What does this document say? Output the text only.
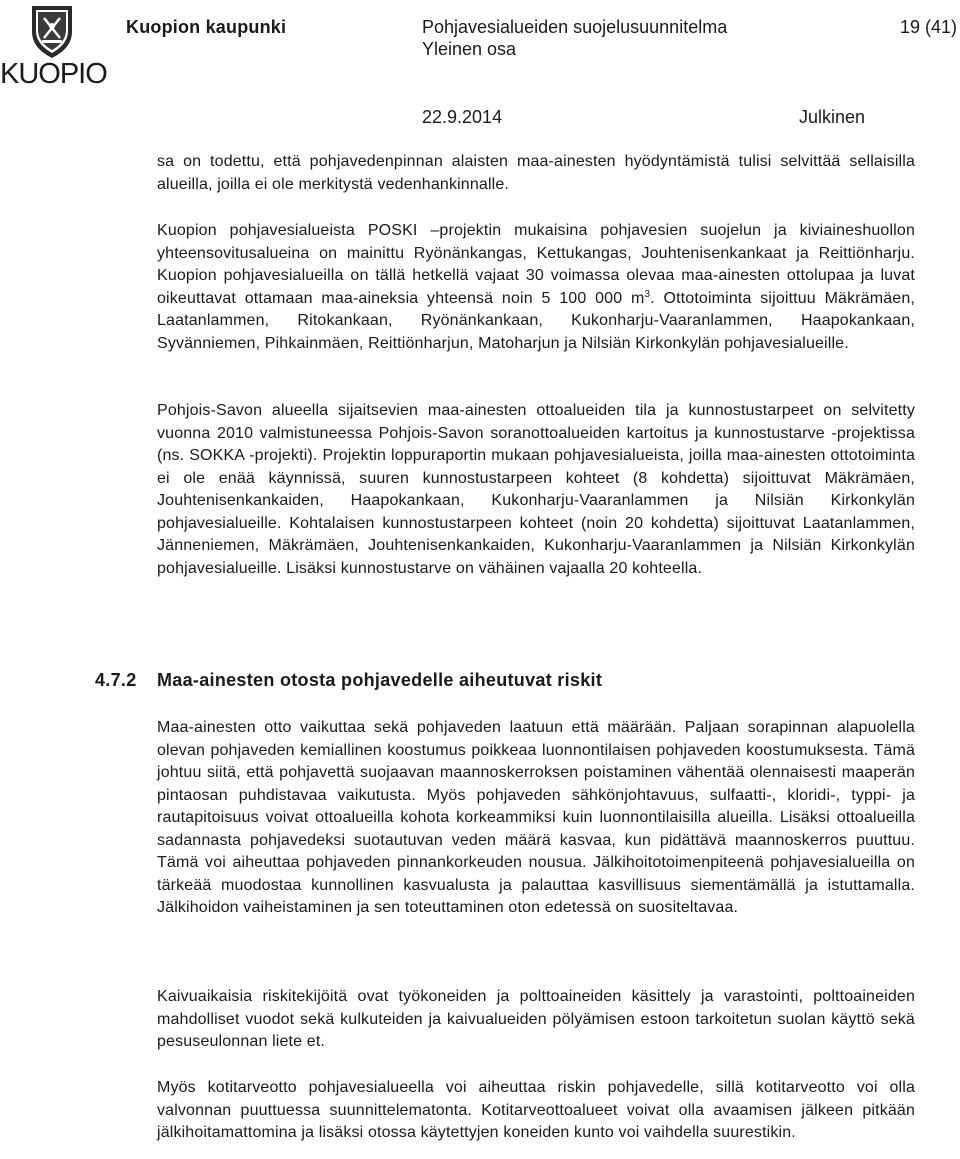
KUOPIO
Kuopion kaupunki	Pohjavesialueiden suojelusuunnitelma
Yleinen osa
19 (41)
22.9.2014	Julkinen
sa on todettu, että pohjavedenpinnan alaisten maa-ainesten hyödyntämistä tulisi selvittää sellaisilla alueilla, joilla ei ole merkitystä vedenhankinnalle.
Kuopion pohjavesialueista POSKI –projektin mukaisina pohjavesien suojelun ja kiviaineshuollon yhteensovitusalueina on mainittu Ryönänkangas, Kettukangas, Jouhtenisenkankaat ja Reittiönharju. Kuopion pohjavesialueilla on tällä hetkellä vajaat 30 voimassa olevaa maa-ainesten ottolupaa ja luvat oikeuttavat ottamaan maa-aineksia yhteensä noin 5 100 000 $m^3$. Ottotoiminta sijoittuu Mäkrämäen, Laatanlammen, Ritokankaan, Ryönänkankaan, Kukonharju-Vaaranlammen, Haapokankaan, Syvänniemen, Pihkainmäen, Reittiönharjun, Matoharjun ja Nilsiän Kirkonkylän pohjavesialueille.
Pohjois-Savon alueella sijaitsevien maa-ainesten ottoalueiden tila ja kunnostustarpeet on selvitetty vuonna 2010 valmistuneessa Pohjois-Savon soranottoalueiden kartoitus ja kunnostustarve -projektissa (ns. SOKKA -projekti). Projektin loppuraportin mukaan pohjavesialueista, joilla maa-ainesten ottotoiminta ei ole enää käynnissä, suuren kunnostustarpeen kohteet (8 kohdetta) sijoittuvat Mäkrämäen, Jouhtenisenkankaiden, Haapokankaan, Kukonharju-Vaaranlammen ja Nilsiän Kirkonkylän pohjavesialueille. Kohtalaisen kunnostustarpeen kohteet (noin 20 kohdetta) sijoittuvat Laatanlammen, Jänneniemen, Mäkrämäen, Jouhtenisenkankaiden, Kukonharju-Vaaranlammen ja Nilsiän Kirkonkylän pohjavesialueille. Lisäksi kunnostustarve on vähäinen vajaalla 20 kohteella.
4.7.2 Maa-ainesten otosta pohjavedelle aiheutuvat riskit
Maa-ainesten otto vaikuttaa sekä pohjaveden laatuun että määrään. Paljaan sorapinnan alapuolella olevan pohjaveden kemiallinen koostumus poikkeaa luonnontilaisen pohjaveden koostumuksesta. Tämä johtuu siitä, että pohjavettä suojaavan maannoskerroksen poistaminen vähentää olennaisesti maaperän pintaosan puhdistavaa vaikutusta. Myös pohjaveden sähkönjohtavuus, sulfaatti-, kloridi-, typpi- ja rautapitoisuus voivat ottoalueilla kohota korkeammiksi kuin luonnontilaisilla alueilla. Lisäksi ottoalueilla sadannasta pohjavedeksi suotautuvan veden määrä kasvaa, kun pidättävä maannoskerros puuttuu. Tämä voi aiheuttaa pohjaveden pinnankorkeuden nousua. Jälkihoitotoimenpiteenä pohjavesialueilla on tärkeää muodostaa kunnollinen kasvualusta ja palauttaa kasvillisuus siementämällä ja istuttamalla. Jälkihoidon vaiheistaminen ja sen toteuttaminen oton edetessä on suositeltavaa.
Kaivuaikaisia riskitekijöitä ovat työkoneiden ja polttoaineiden käsittely ja varastointi, polttoaineiden mahdolliset vuodot sekä kulkuteiden ja kaivualueiden pölyämisen estoon tarkoitetun suolan käyttö sekä pesuseulonnan liete et.
Myös kotitarveotto pohjavesialueella voi aiheuttaa riskin pohjavedelle, sillä kotitarveotto voi olla valvonnan puuttuessa suunnittelematonta. Kotitarveottoalueet voivat olla avaamisen jälkeen pitkään jälkihoitamattomina ja lisäksi otossa käytettyjen koneiden kunto voi vaihdella suurestikin.
